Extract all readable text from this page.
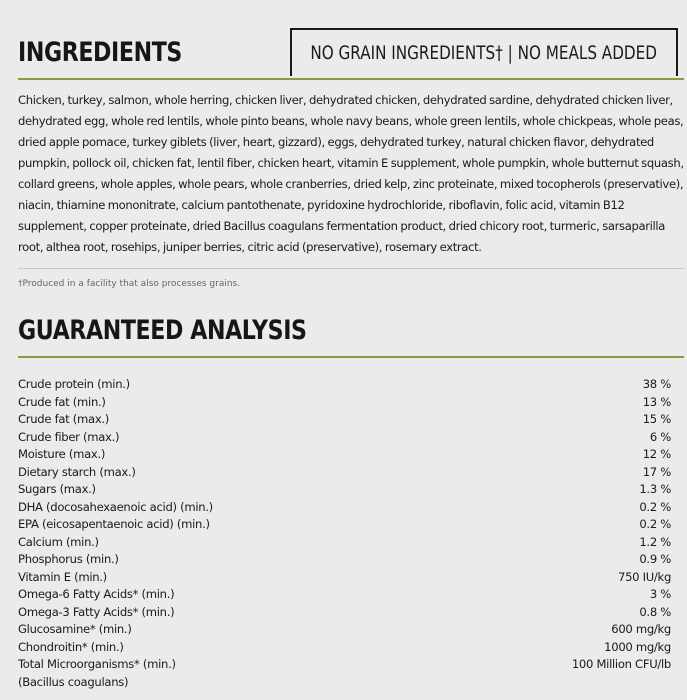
INGREDIENTS	NO GRAIN INGREDIENTS† | NO MEALS ADDED

Chicken, turkey, salmon, whole herring, chicken liver, dehydrated chicken, dehydrated sardine, dehydrated chicken liver, dehydrated egg, whole red lentils, whole pinto beans, whole navy beans, whole green lentils, whole chickpeas, whole peas, dried apple pomace, turkey giblets (liver, heart, gizzard), eggs, dehydrated turkey, natural chicken flavor, dehydrated pumpkin, pollock oil, chicken fat, lentil fiber, chicken heart, vitamin E supplement, whole pumpkin, whole butternut squash, collard greens, whole apples, whole pears, whole cranberries, dried kelp, zinc proteinate, mixed tocopherols (preservative), niacin, thiamine mononitrate, calcium pantothenate, pyridoxine hydrochloride, riboflavin, folic acid, vitamin B12 supplement, copper proteinate, dried Bacillus coagulans fermentation product, dried chicory root, turmeric, sarsaparilla root, althea root, rosehips, juniper berries, citric acid (preservative), rosemary extract.

†Produced in a facility that also processes grains.

GUARANTEED ANALYSIS
Crude protein (min.)	38 %
Crude fat (min.)	13 %
Crude fat (max.)	15 %
Crude fiber (max.)	6 %
Moisture (max.)	12 %
Dietary starch (max.)	17 %
Sugars (max.)	1.3 %
DHA (docosahexaenoic acid) (min.)	0.2 %
EPA (eicosapentaenoic acid) (min.)	0.2 %
Calcium (min.)	1.2 %
Phosphorus (min.)	0.9 %
Vitamin E (min.)	750 IU/kg
Omega-6 Fatty Acids* (min.)	3 %
Omega-3 Fatty Acids* (min.)	0.8 %
Glucosamine* (min.)	600 mg/kg
Chondroitin* (min.)	1000 mg/kg
Total Microorganisms* (min.)	100 Million CFU/lb
(Bacillus coagulans)
